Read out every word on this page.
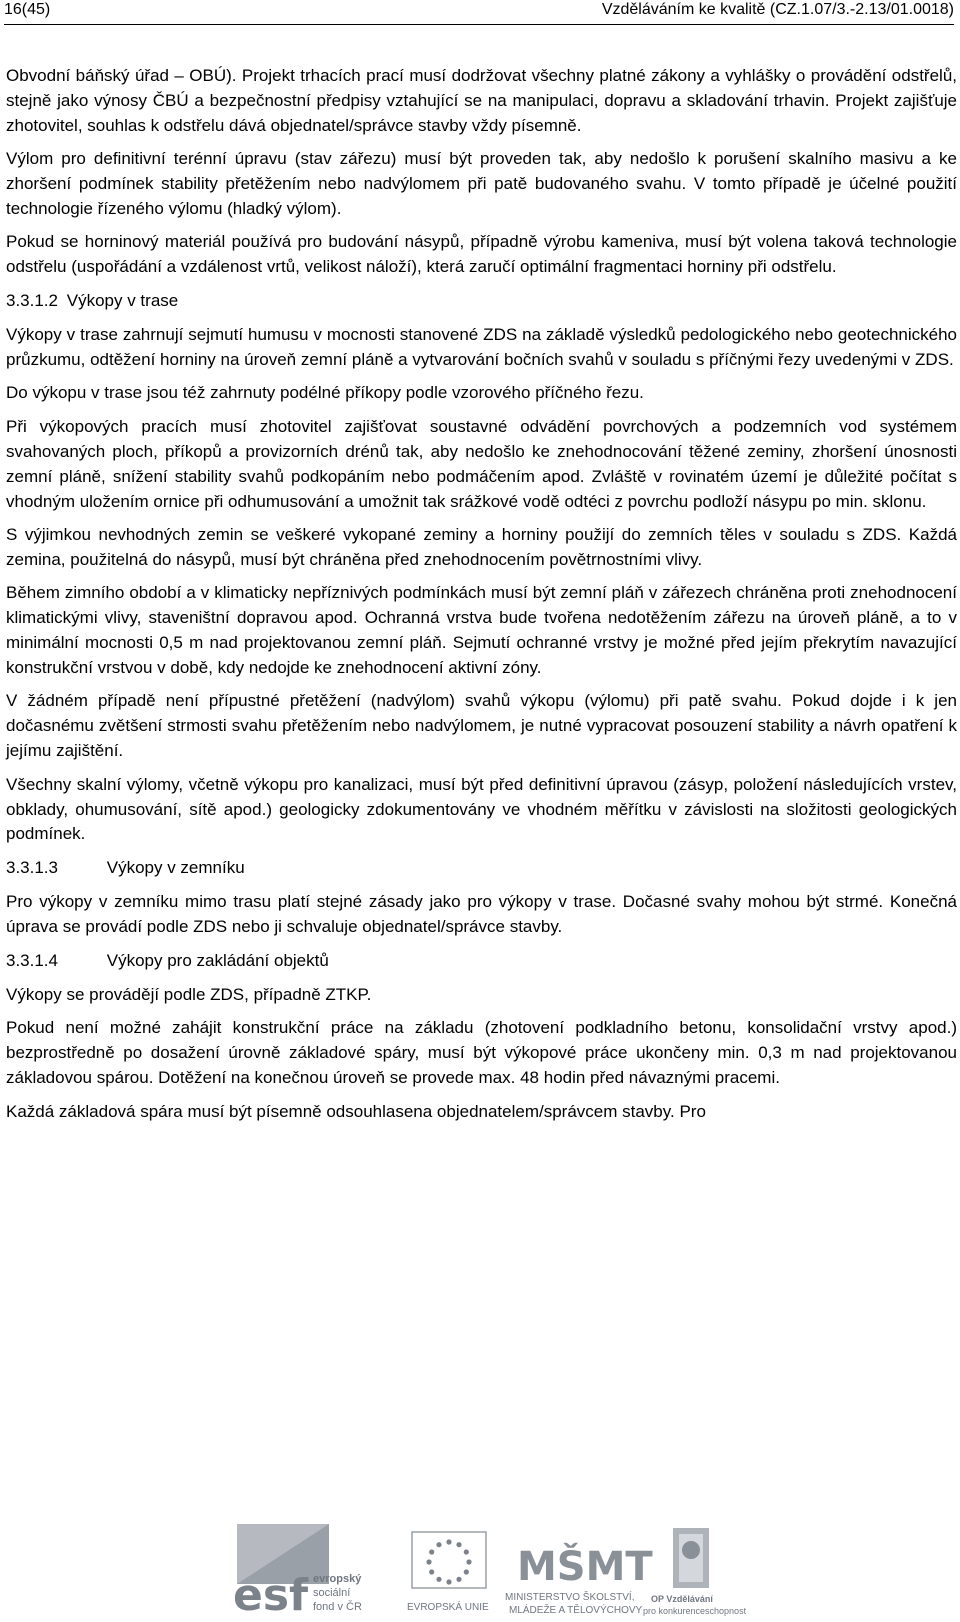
16(45)	Vzděláváním ke kvalitě (CZ.1.07/3.-2.13/01.0018)

Obvodní báňský úřad – OBÚ). Projekt trhacích prací musí dodržovat všechny platné zákony a vyhlášky o provádění odstřelů, stejně jako výnosy ČBÚ a bezpečnostní předpisy vztahující se na manipulaci, dopravu a skladování trhavin. Projekt zajišťuje zhotovitel, souhlas k odstřelu dává objednatel/správce stavby vždy písemně.

Výlom pro definitivní terénní úpravu (stav zářezu) musí být proveden tak, aby nedošlo k porušení skalního masivu a ke zhoršení podmínek stability přetěžením nebo nadvýlomem při patě budovaného svahu. V tomto případě je účelné použití technologie řízeného výlomu (hladký výlom).

Pokud se horninový materiál používá pro budování násypů, případně výrobu kameniva, musí být volena taková technologie odstřelu (uspořádání a vzdálenost vrtů, velikost náloží), která zaručí optimální fragmentaci horniny při odstřelu.

3.3.1.2 Výkopy v trase

Výkopy v trase zahrnují sejmutí humusu v mocnosti stanovené ZDS na základě výsledků pedologického nebo geotechnického průzkumu, odtěžení horniny na úroveň zemní pláně a vytvarování bočních svahů v souladu s příčnými řezy uvedenými v ZDS.

Do výkopu v trase jsou též zahrnuty podélné příkopy podle vzorového příčného řezu.

Při výkopových pracích musí zhotovitel zajišťovat soustavné odvádění povrchových a podzemních vod systémem svahovaných ploch, příkopů a provizorních drénů tak, aby nedošlo ke znehodnocování těžené zeminy, zhoršení únosnosti zemní pláně, snížení stability svahů podkopáním nebo podmáčením apod. Zvláště v rovinatém území je důležité počítat s vhodným uložením ornice při odhumusování a umožnit tak srážkové vodě odtéci z povrchu podloží násypu po min. sklonu.

S výjimkou nevhodných zemin se veškeré vykopané zeminy a horniny použijí do zemních těles v souladu s ZDS. Každá zemina, použitelná do násypů, musí být chráněna před znehodnocením povětrnostními vlivy.

Během zimního období a v klimaticky nepříznivých podmínkách musí být zemní pláň v zářezech chráněna proti znehodnocení klimatickými vlivy, staveništní dopravou apod. Ochranná vrstva bude tvořena nedotěžením zářezu na úroveň pláně, a to v minimální mocnosti 0,5 m nad projektovanou zemní pláň. Sejmutí ochranné vrstvy je možné před jejím překrytím navazující konstrukční vrstvou v době, kdy nedojde ke znehodnocení aktivní zóny.

V žádném případě není přípustné přetěžení (nadvýlom) svahů výkopu (výlomu) při patě svahu. Pokud dojde i k jen dočasnému zvětšení strmosti svahu přetěžením nebo nadvýlomem, je nutné vypracovat posouzení stability a návrh opatření k jejímu zajištění.

Všechny skalní výlomy, včetně výkopu pro kanalizaci, musí být před definitivní úpravou (zásyp, položení následujících vrstev, obklady, ohumusování, sítě apod.) geologicky zdokumentovány ve vhodném měřítku v závislosti na složitosti geologických podmínek.

3.3.1.3	Výkopy v zemníku

Pro výkopy v zemníku mimo trasu platí stejné zásady jako pro výkopy v trase. Dočasné svahy mohou být strmé. Konečná úprava se provádí podle ZDS nebo ji schvaluje objednatel/správce stavby.

3.3.1.4	Výkopy pro zakládání objektů

Výkopy se provádějí podle ZDS, případně ZTKP.

Pokud není možné zahájit konstrukční práce na základu (zhotovení podkladního betonu, konsolidační vrstvy apod.) bezprostředně po dosažení úrovně základové spáry, musí být výkopové práce ukončeny min. 0,3 m nad projektovanou základovou spárou. Dotěžení na konečnou úroveň se provede max. 48 hodin před návaznými pracemi.

Každá základová spára musí být písemně odsouhlasena objednatelem/správcem stavby. Pro

esf evropský
sociální
fond v ČR	EVROPSKÁ UNIE
MŠMT
MINISTERSTVO ŠKOLSTVÍ,
MLÁDEŽE A TĚLOVÝCHOVY
OP Vzdělávání
pro konkurenceschopnost
